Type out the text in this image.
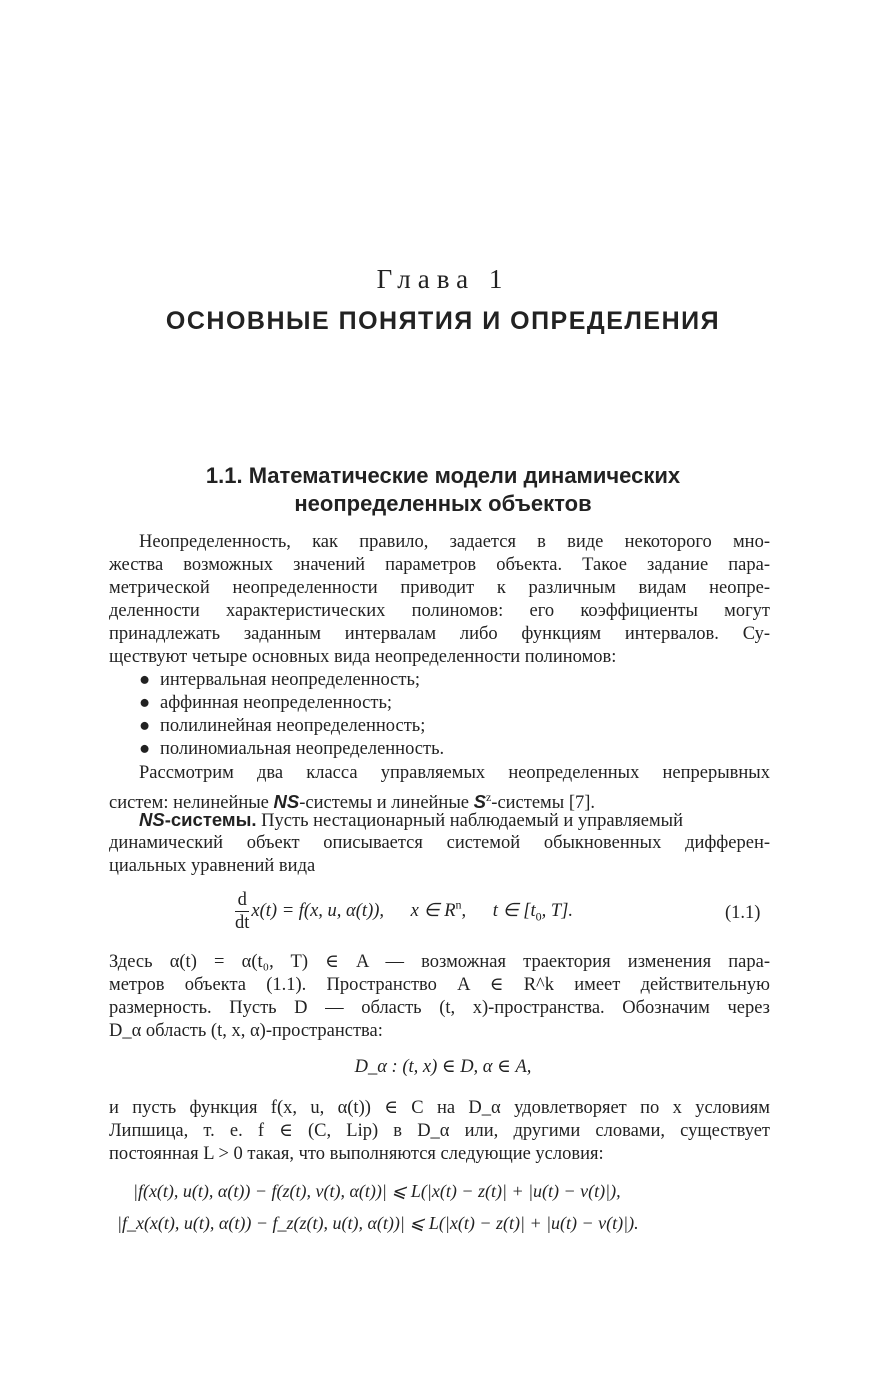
Глава 1
ОСНОВНЫЕ ПОНЯТИЯ И ОПРЕДЕЛЕНИЯ
1.1. Математические модели динамических
неопределенных объектов
Неопределенность, как правило, задается в виде некоторого мно-
жества возможных значений параметров объекта. Такое задание пара-
метрической неопределенности приводит к различным видам неопре-
деленности характеристических полиномов: его коэффициенты могут
принадлежать заданным интервалам либо функциям интервалов. Су-
ществуют четыре основных вида неопределенности полиномов:
● интервальная неопределенность;
● аффинная неопределенность;
● полилинейная неопределенность;
● полиномиальная неопределенность.
Рассмотрим два класса управляемых неопределенных непрерывных
систем: нелинейные NS-системы и линейные $S^z$-системы [7].
NS-системы. Пусть нестационарный наблюдаемый и управляемый
динамический объект описывается системой обыкновенных дифферен-
циальных уравнений вида
$\frac{d}{dt} x(t) = f(x$, u, α(t)), x ∈ $R^n$, t ∈ [$t_0$, T].	(1.1)
Здесь α(t) = α(t₀, T) ∈ A — возможная траектория изменения пара-
метров объекта (1.1). Пространство A ∈ R^k имеет действительную
размерность. Пусть D — область (t, x)-пространства. Обозначим через
D_α область (t, x, α)-пространства:
D_α : (t, x) ∈ D, α ∈ A,
и пусть функция f(x, u, α(t)) ∈ C на D_α удовлетворяет по x условиям
Липшица, т. е. f ∈ (C, Lip) в D_α или, другими словами, существует
постоянная L > 0 такая, что выполняются следующие условия:
|f(x(t), u(t), α(t)) − f(z(t), v(t), α(t))| ⩽ L(|x(t) − z(t)| + |u(t) − v(t)|),
|f_x(x(t), u(t), α(t)) − f_z(z(t), u(t), α(t))| ⩽ L(|x(t) − z(t)| + |u(t) − v(t)|).
